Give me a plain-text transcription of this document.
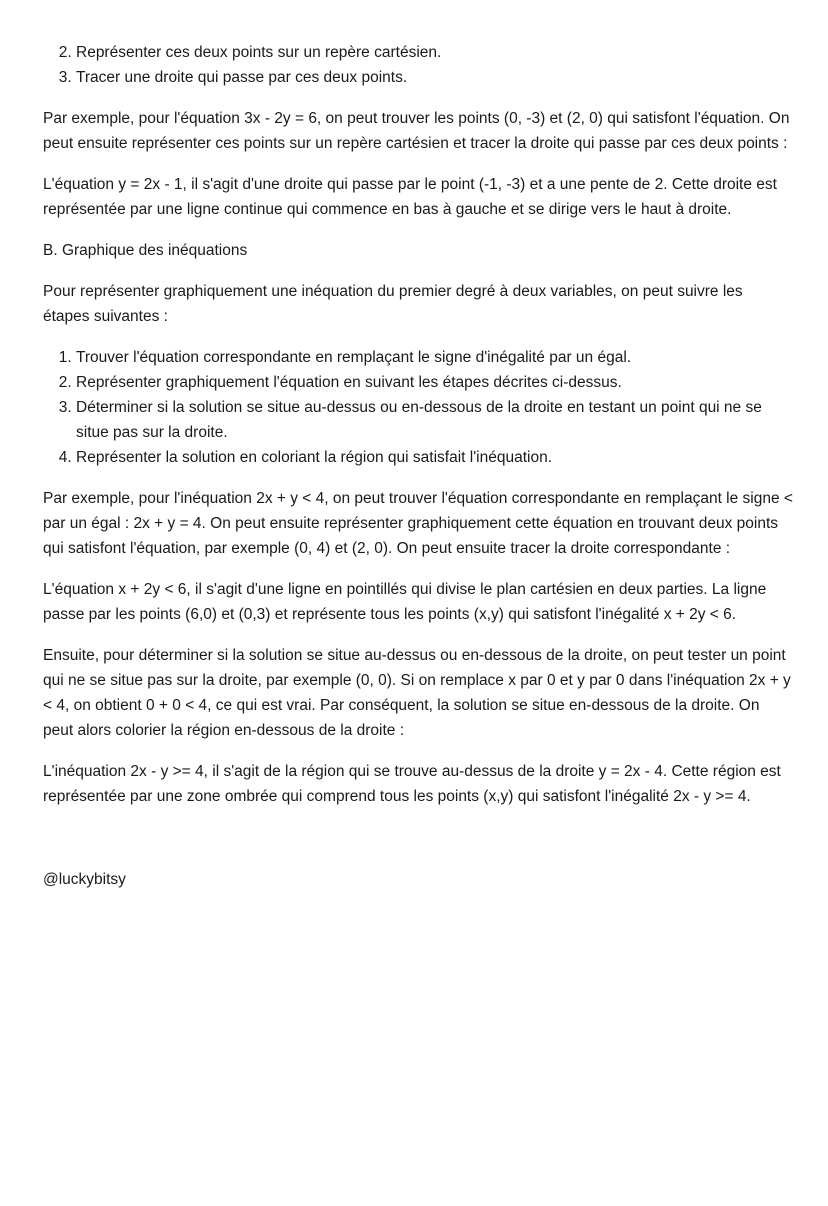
2. Représenter ces deux points sur un repère cartésien.
3. Tracer une droite qui passe par ces deux points.

Par exemple, pour l'équation 3x - 2y = 6, on peut trouver les points (0, -3) et (2, 0) qui satisfont l'équation. On peut ensuite représenter ces points sur un repère cartésien et tracer la droite qui passe par ces deux points :

L'équation y = 2x - 1, il s'agit d'une droite qui passe par le point (-1, -3) et a une pente de 2. Cette droite est représentée par une ligne continue qui commence en bas à gauche et se dirige vers le haut à droite.

B. Graphique des inéquations

Pour représenter graphiquement une inéquation du premier degré à deux variables, on peut suivre les étapes suivantes :

1. Trouver l'équation correspondante en remplaçant le signe d'inégalité par un égal.
2. Représenter graphiquement l'équation en suivant les étapes décrites ci-dessus.
3. Déterminer si la solution se situe au-dessus ou en-dessous de la droite en testant un point qui ne se situe pas sur la droite.
4. Représenter la solution en coloriant la région qui satisfait l'inéquation.

Par exemple, pour l'inéquation 2x + y < 4, on peut trouver l'équation correspondante en remplaçant le signe < par un égal : 2x + y = 4. On peut ensuite représenter graphiquement cette équation en trouvant deux points qui satisfont l'équation, par exemple (0, 4) et (2, 0). On peut ensuite tracer la droite correspondante :

L'équation x + 2y < 6, il s'agit d'une ligne en pointillés qui divise le plan cartésien en deux parties. La ligne passe par les points (6,0) et (0,3) et représente tous les points (x,y) qui satisfont l'inégalité x + 2y < 6.

Ensuite, pour déterminer si la solution se situe au-dessus ou en-dessous de la droite, on peut tester un point qui ne se situe pas sur la droite, par exemple (0, 0). Si on remplace x par 0 et y par 0 dans l'inéquation 2x + y < 4, on obtient 0 + 0 < 4, ce qui est vrai. Par conséquent, la solution se situe en-dessous de la droite. On peut alors colorier la région en-dessous de la droite :

L'inéquation 2x - y >= 4, il s'agit de la région qui se trouve au-dessus de la droite y = 2x - 4. Cette région est représentée par une zone ombrée qui comprend tous les points (x,y) qui satisfont l'inégalité 2x - y >= 4.

@luckybitsy
